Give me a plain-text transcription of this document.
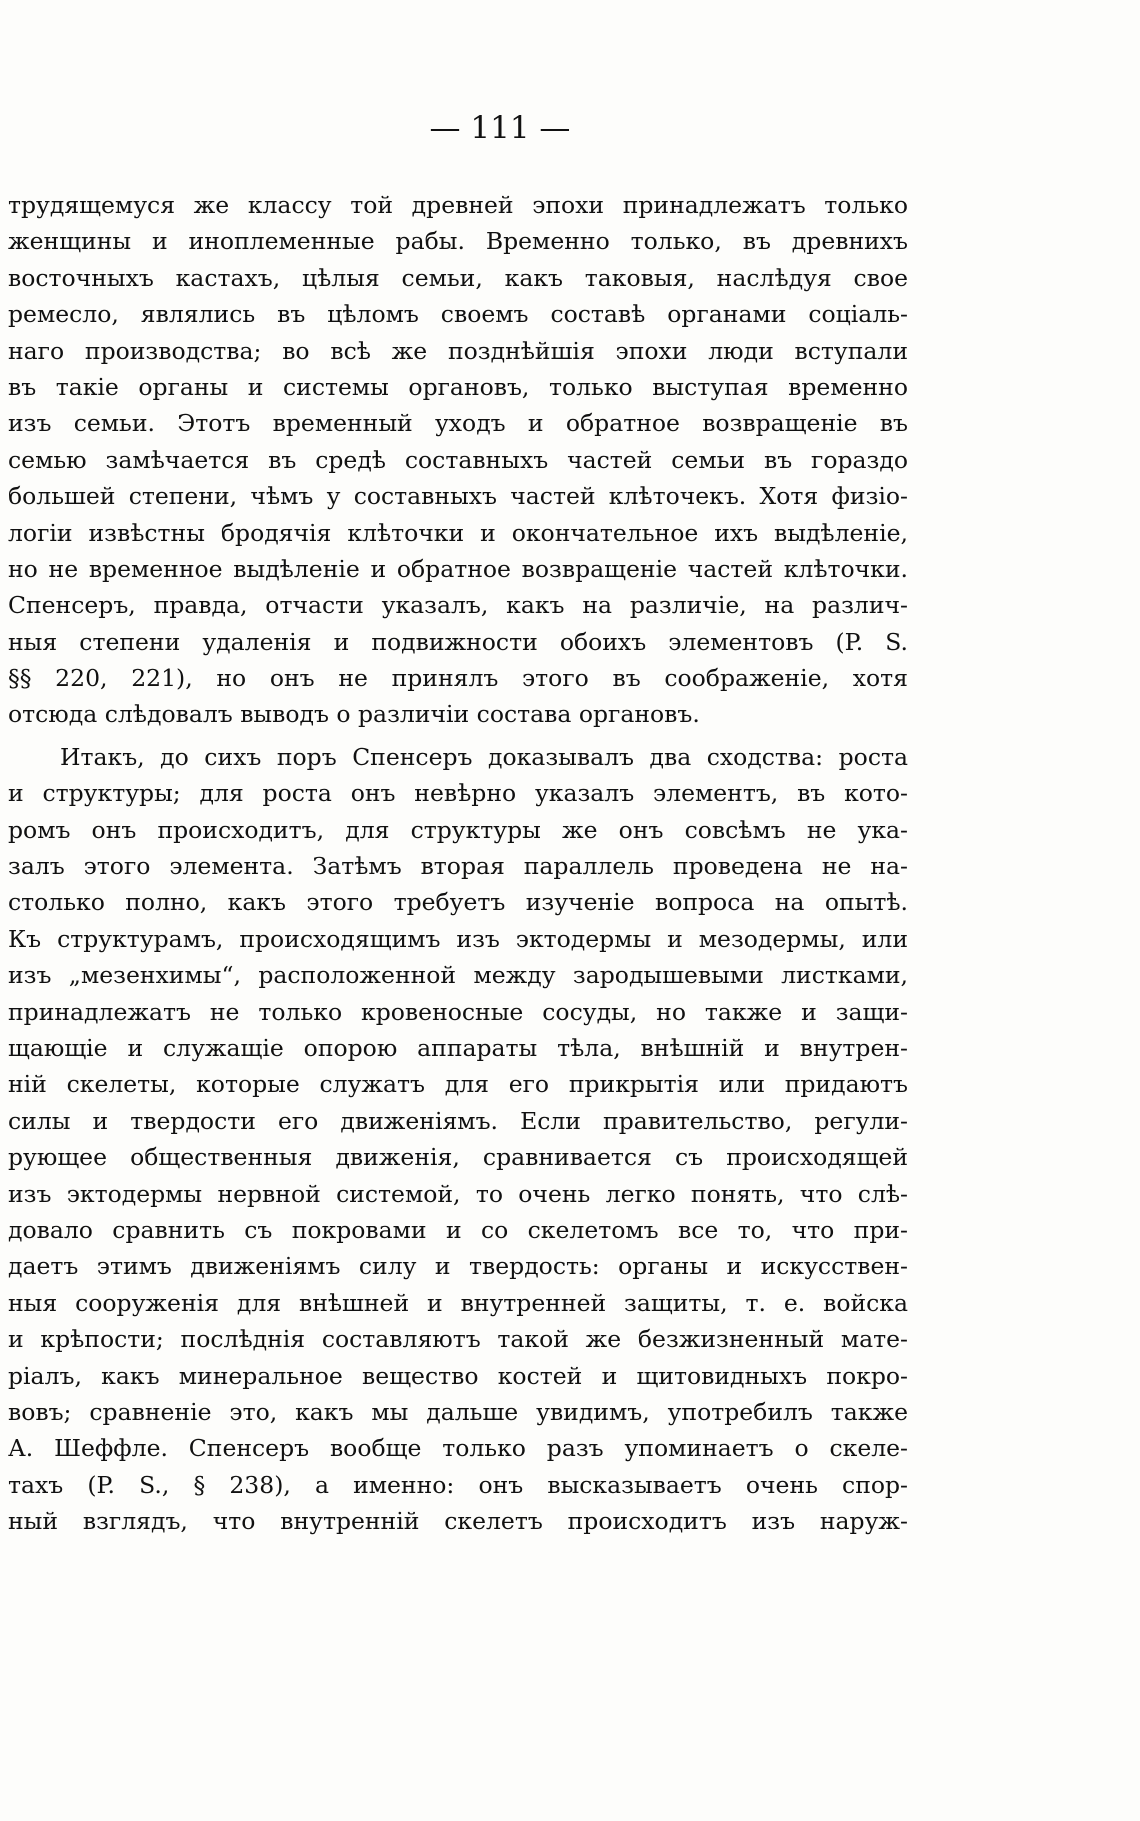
— 111 —
трудящемуся же классу той древней эпохи принадлежатъ только
женщины и иноплеменные рабы. Временно только, въ древнихъ
восточныхъ кастахъ, цѣлыя семьи, какъ таковыя, наслѣдуя свое
ремесло, являлись въ цѣломъ своемъ составѣ органами соціаль-
наго производства; во всѣ же позднѣйшія эпохи люди вступали
въ такіе органы и системы органовъ, только выступая временно
изъ семьи. Этотъ временный уходъ и обратное возвращеніе въ
семью замѣчается въ средѣ составныхъ частей семьи въ гораздо
большей степени, чѣмъ у составныхъ частей клѣточекъ. Хотя физіо-
логіи извѣстны бродячія клѣточки и окончательное ихъ выдѣленіе,
но не временное выдѣленіе и обратное возвращеніе частей клѣточки.
Спенсеръ, правда, отчасти указалъ, какъ на различіе, на различ-
ныя степени удаленія и подвижности обоихъ элементовъ (P. S.
§§ 220, 221), но онъ не принялъ этого въ соображеніе, хотя
отсюда слѣдовалъ выводъ о различіи состава органовъ.
Итакъ, до сихъ поръ Спенсеръ доказывалъ два сходства: роста
и структуры; для роста онъ невѣрно указалъ элементъ, въ кото-
ромъ онъ происходитъ, для структуры же онъ совсѣмъ не ука-
залъ этого элемента. Затѣмъ вторая параллель проведена не на-
столько полно, какъ этого требуетъ изученіе вопроса на опытѣ.
Къ структурамъ, происходящимъ изъ эктодермы и мезодермы, или
изъ „мезенхимы“, расположенной между зародышевыми листками,
принадлежатъ не только кровеносные сосуды, но также и защи-
щающіе и служащіе опорою аппараты тѣла, внѣшній и внутрен-
ній скелеты, которые служатъ для его прикрытія или придаютъ
силы и твердости его движеніямъ. Если правительство, регули-
рующее общественныя движенія, сравнивается съ происходящей
изъ эктодермы нервной системой, то очень легко понять, что слѣ-
довало сравнить съ покровами и со скелетомъ все то, что при-
даетъ этимъ движеніямъ силу и твердость: органы и искусствен-
ныя сооруженія для внѣшней и внутренней защиты, т. е. войска
и крѣпости; послѣднія составляютъ такой же безжизненный мате-
ріалъ, какъ минеральное вещество костей и щитовидныхъ покро-
вовъ; сравненіе это, какъ мы дальше увидимъ, употребилъ также
А. Шеффле. Спенсеръ вообще только разъ упоминаетъ о скеле-
тахъ (P. S., § 238), а именно: онъ высказываетъ очень спор-
ный взглядъ, что внутренній скелетъ происходитъ изъ наруж-
